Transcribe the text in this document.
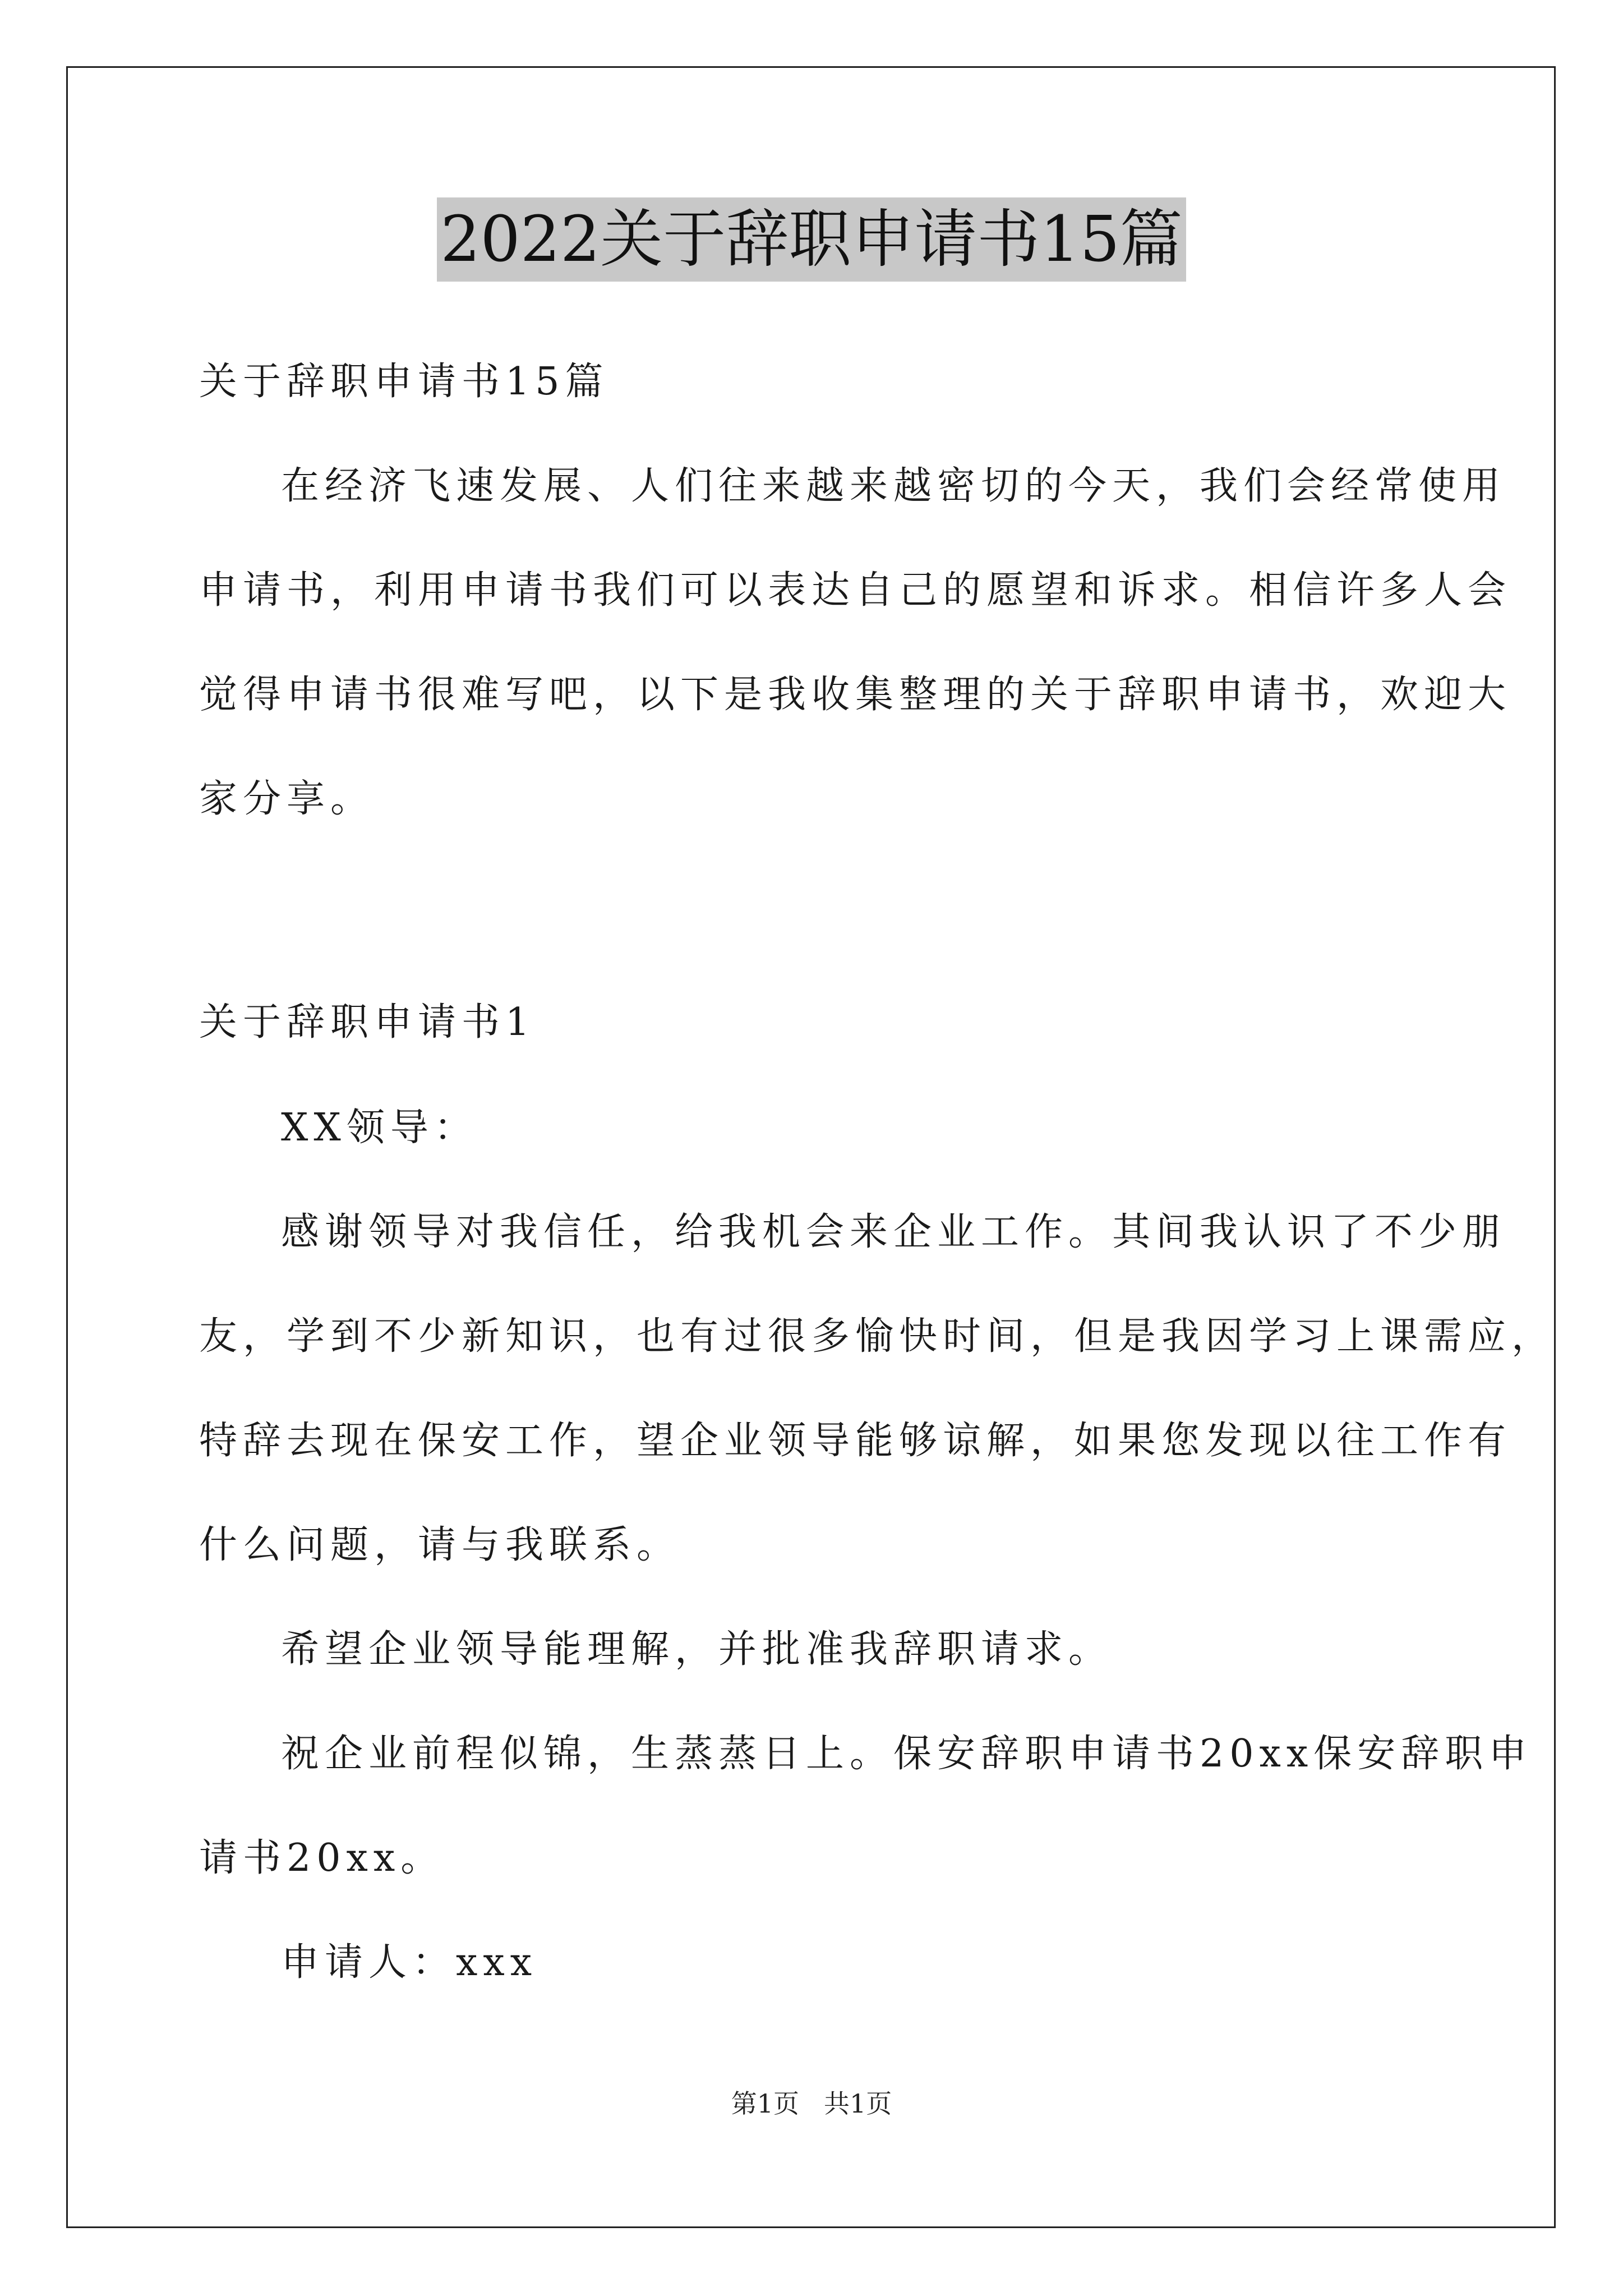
2022关于辞职申请书15篇
关于辞职申请书15篇
在经济飞速发展、人们往来越来越密切的今天，我们会经常使用
申请书，利用申请书我们可以表达自己的愿望和诉求。相信许多人会
觉得申请书很难写吧，以下是我收集整理的关于辞职申请书，欢迎大
家分享。
关于辞职申请书1
XX领导：
感谢领导对我信任，给我机会来企业工作。其间我认识了不少朋
友，学到不少新知识，也有过很多愉快时间，但是我因学习上课需应，
特辞去现在保安工作，望企业领导能够谅解，如果您发现以往工作有
什么问题，请与我联系。
希望企业领导能理解，并批准我辞职请求。
祝企业前程似锦，生蒸蒸日上。保安辞职申请书20xx保安辞职申
请书20xx。
申请人：xxx
第1页 共1页
